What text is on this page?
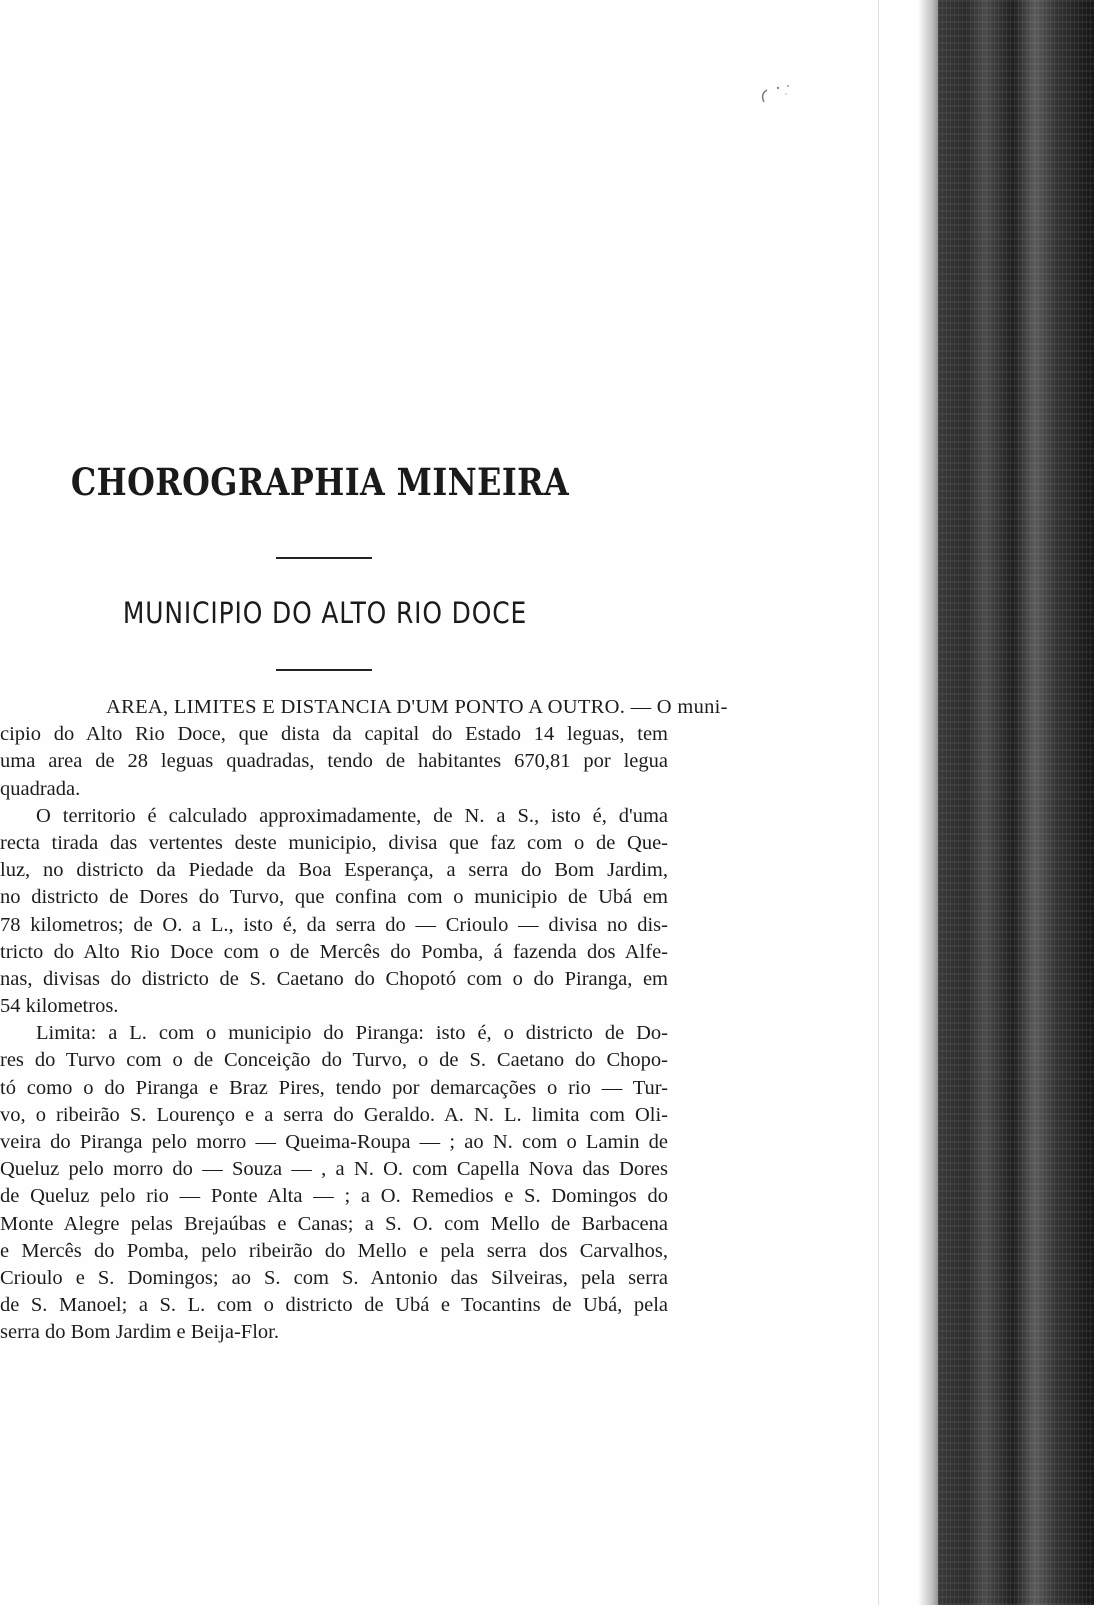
CHOROGRAPHIA MINEIRA
MUNICIPIO DO ALTO RIO DOCE
AREA, LIMITES E DISTANCIA D'UM PONTO A OUTRO. — O muni-
cipio do Alto Rio Doce, que dista da capital do Estado 14 leguas, tem
uma area de 28 leguas quadradas, tendo de habitantes 670,81 por legua
quadrada.
O territorio é calculado approximadamente, de N. a S., isto é, d'uma
recta tirada das vertentes deste municipio, divisa que faz com o de Que-
luz, no districto da Piedade da Boa Esperança, a serra do Bom Jardim,
no districto de Dores do Turvo, que confina com o municipio de Ubá em
78 kilometros; de O. a L., isto é, da serra do — Crioulo — divisa no dis-
tricto do Alto Rio Doce com o de Mercês do Pomba, á fazenda dos Alfe-
nas, divisas do districto de S. Caetano do Chopotó com o do Piranga, em
54 kilometros.
Limita: a L. com o municipio do Piranga: isto é, o districto de Do-
res do Turvo com o de Conceição do Turvo, o de S. Caetano do Chopo-
tó como o do Piranga e Braz Pires, tendo por demarcações o rio — Tur-
vo, o ribeirão S. Lourenço e a serra do Geraldo. A. N. L. limita com Oli-
veira do Piranga pelo morro — Queima-Roupa — ; ao N. com o Lamin de
Queluz pelo morro do — Souza — , a N. O. com Capella Nova das Dores
de Queluz pelo rio — Ponte Alta — ; a O. Remedios e S. Domingos do
Monte Alegre pelas Brejaúbas e Canas; a S. O. com Mello de Barbacena
e Mercês do Pomba, pelo ribeirão do Mello e pela serra dos Carvalhos,
Crioulo e S. Domingos; ao S. com S. Antonio das Silveiras, pela serra
de S. Manoel; a S. L. com o districto de Ubá e Tocantins de Ubá, pela
serra do Bom Jardim e Beija-Flor.
